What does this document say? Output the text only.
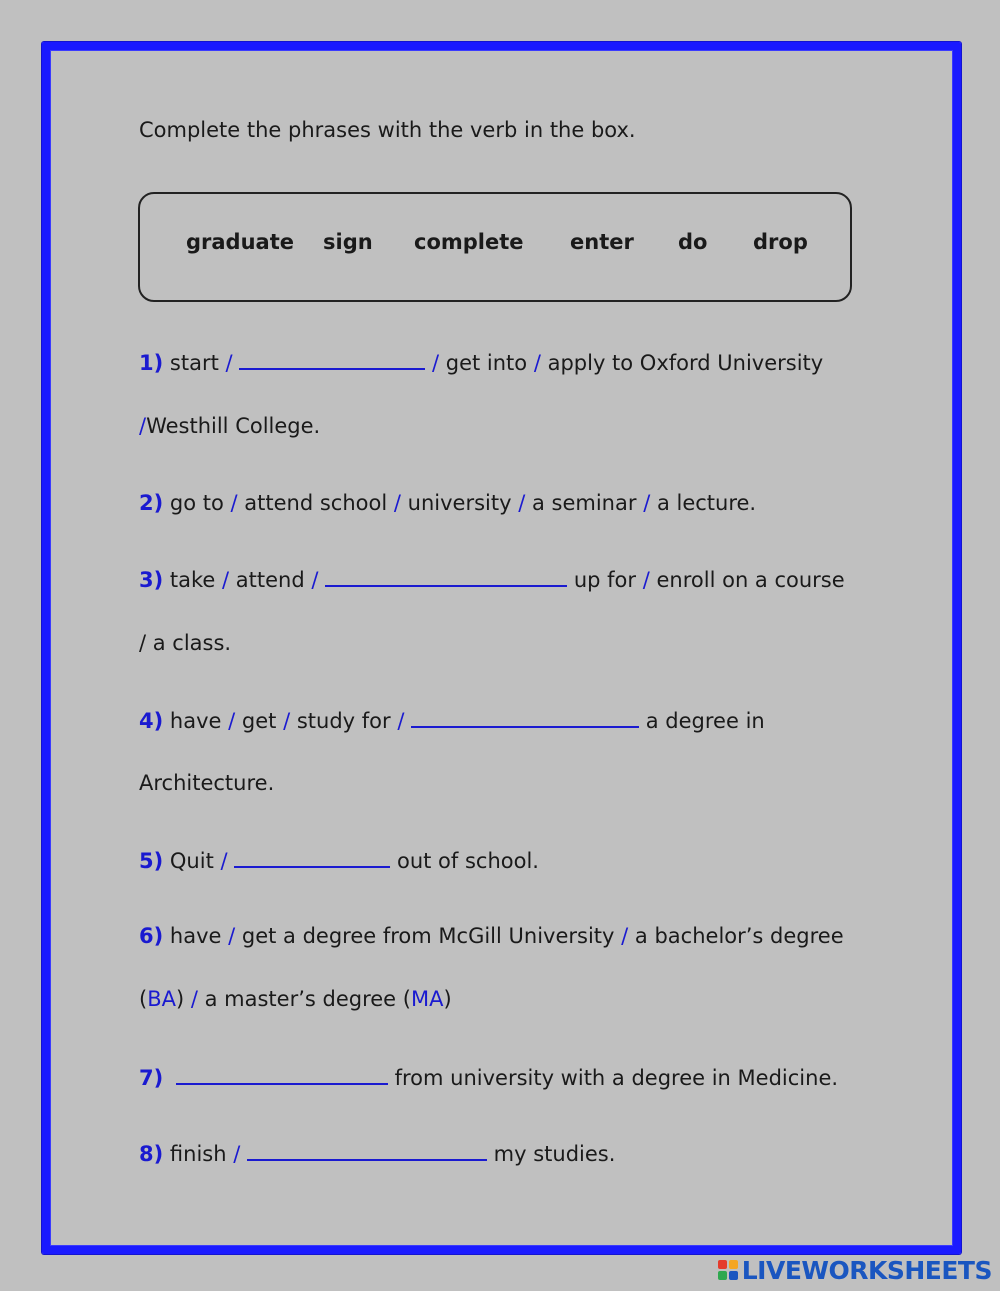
Complete the phrases with the verb in the box.
graduate sign complete enter do drop
1) start /	/ get into / apply to Oxford University
/Westhill College.
2) go to / attend school / university / a seminar / a lecture.
3) take / attend /	up for / enroll on a course
/ a class.
4) have / get / study for /	a degree in
Architecture.
5) Quit /	out of school.
6) have / get a degree from McGill University / a bachelor’s degree
(BA) / a master’s degree (MA)
7)	from university with a degree in Medicine.
8) finish /	my studies.
LIVEWORKSHEETS
